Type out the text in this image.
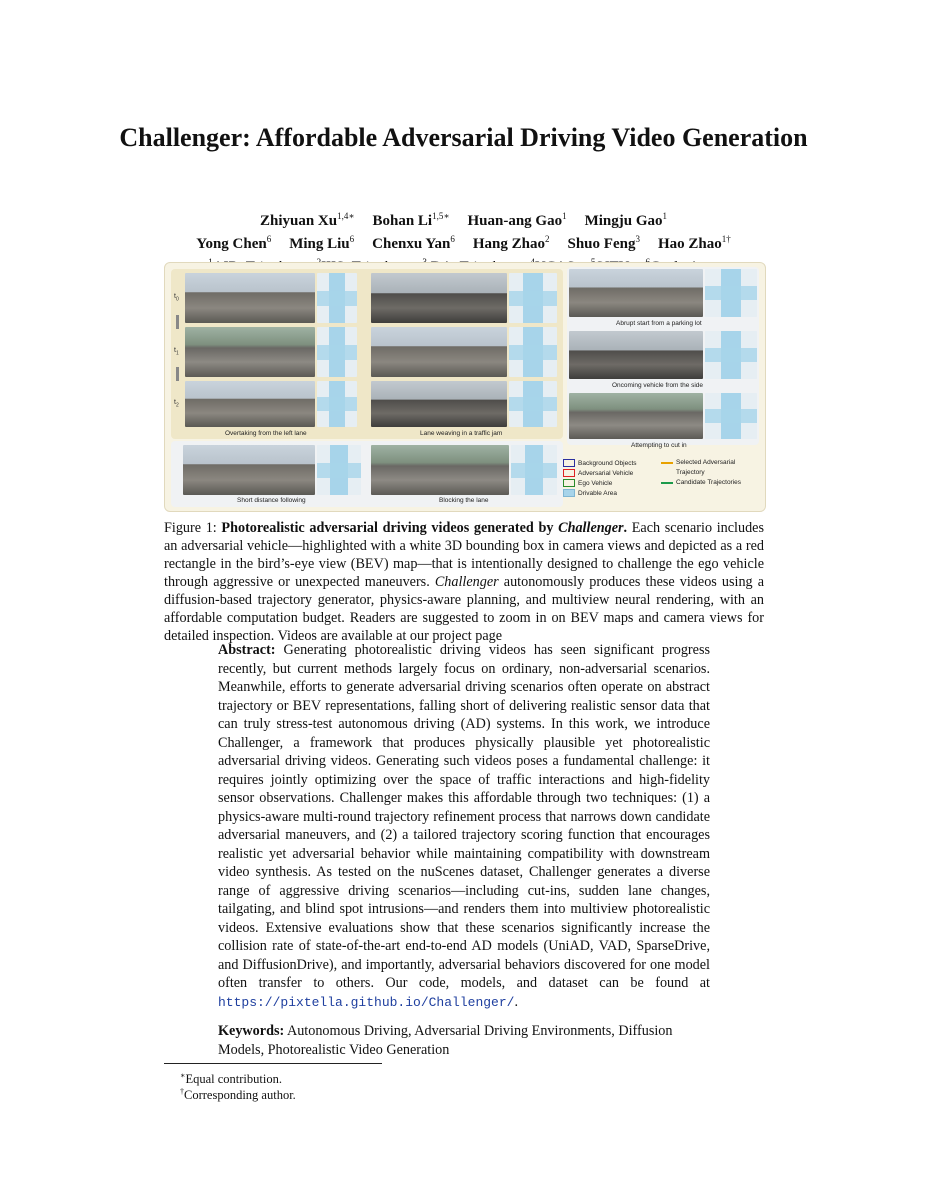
Challenger: Affordable Adversarial Driving Video Generation
Zhiyuan $Xu^{1,4∗}$ Bohan $Li^{1,5∗}$ Huan-ang Gao$^1$ Mingju Gao$^1$
Yong Chen$^6$ Ming Liu$^6$ Chenxu Yan$^6$ Hang Zhao$^2$ Shuo Feng$^3$ Hao Zhao$^{1\dagger}$
$t_0$
$t_1$
$t_2$
Overtaking from the left lane	Lane weaving in a traffic jam
Abrupt start from a parking lot
Oncoming vehicle from the side
Attempting to cut in
Short distance following	Blocking the lane
Background Objects
Adversarial Vehicle
Ego Vehicle
Drivable Area
Selected Adversarial
Trajectory
Candidate Trajectories
Figure 1: Photorealistic adversarial driving videos generated by Challenger. Each scenario includes an adversarial vehicle—highlighted with a white 3D bounding box in camera views and depicted as a red rectangle in the bird’s-eye view (BEV) map—that is intentionally designed to challenge the ego vehicle through aggressive or unexpected maneuvers. Challenger autonomously produces these videos using a diffusion-based trajectory generator, physics-aware planning, and multiview neural rendering, with an affordable computation budget. Readers are suggested to zoom in on BEV maps and camera views for detailed inspection. Videos are available at our project page
Abstract: Generating photorealistic driving videos has seen significant progress recently, but current methods largely focus on ordinary, non-adversarial scenarios. Meanwhile, efforts to generate adversarial driving scenarios often operate on abstract trajectory or BEV representations, falling short of delivering realistic sensor data that can truly stress-test autonomous driving (AD) systems. In this work, we introduce Challenger, a framework that produces physically plausible yet photorealistic adversarial driving videos. Generating such videos poses a fundamental challenge: it requires jointly optimizing over the space of traffic interactions and high-fidelity sensor observations. Challenger makes this affordable through two techniques: (1) a physics-aware multi-round trajectory refinement process that narrows down candidate adversarial maneuvers, and (2) a tailored trajectory scoring function that encourages realistic yet adversarial behavior while maintaining compatibility with downstream video synthesis. As tested on the nuScenes dataset, Challenger generates a diverse range of aggressive driving scenarios—including cut-ins, sudden lane changes, tailgating, and blind spot intrusions—and renders them into multiview photorealistic videos. Extensive evaluations show that these scenarios significantly increase the collision rate of state-of-the-art end-to-end AD models (UniAD, VAD, SparseDrive, and DiffusionDrive), and importantly, adversarial behaviors discovered for one model often transfer to others. Our code, models, and dataset can be found at https://pixtella.github.io/Challenger/.
Keywords: Autonomous Driving, Adversarial Driving Environments, Diffusion Models, Photorealistic Video Generation
∗Equal contribution.
†Corresponding author.
